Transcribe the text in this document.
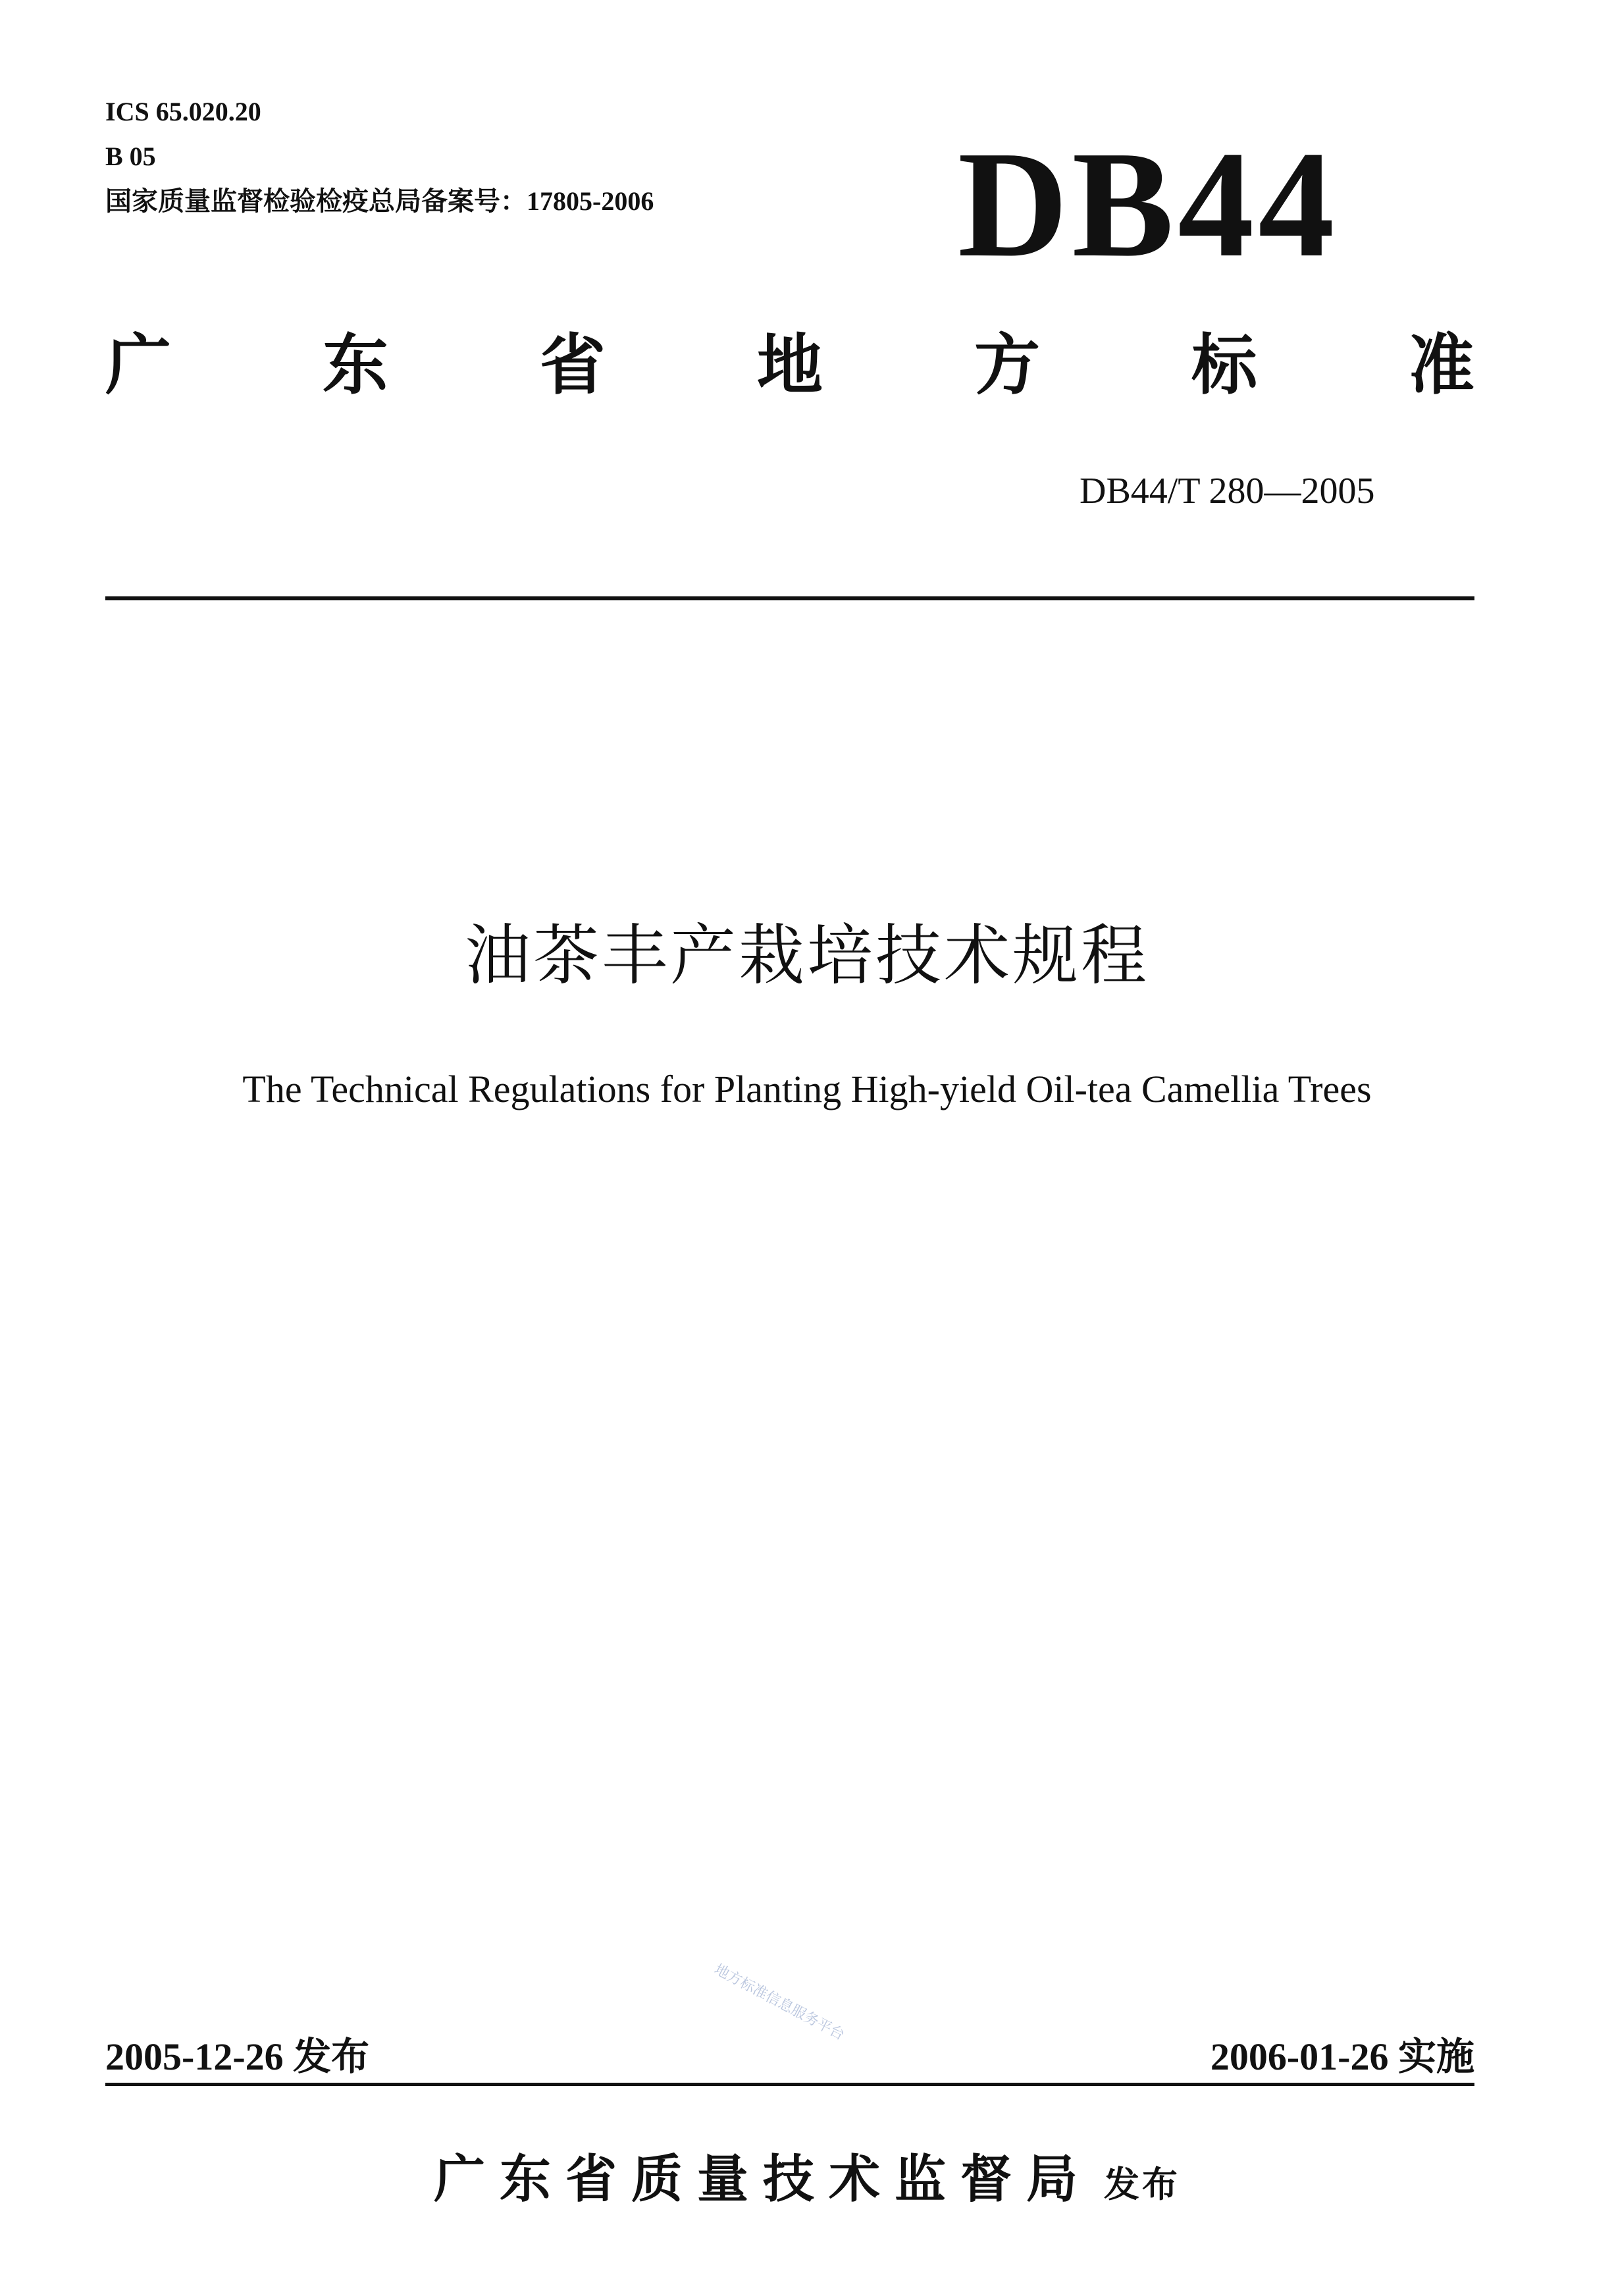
ICS 65.020.20
B 05
国家质量监督检验检疫总局备案号：17805-2006 DB44
广 东 省 地 方 标 准
DB44/T 280—2005
油茶丰产栽培技术规程
The Technical Regulations for Planting High-yield Oil-tea Camellia Trees
地方标准信息服务平台
2005-12-26 发布	2006-01-26 实施
广东省质量技术监督局 发布
